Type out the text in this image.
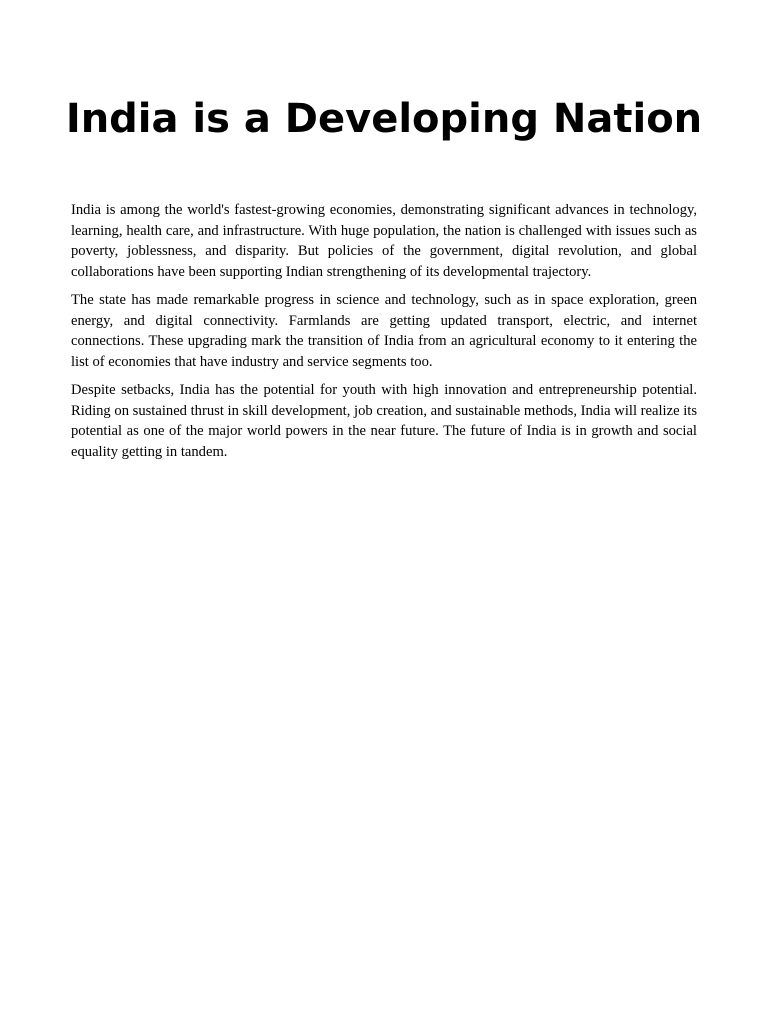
India is a Developing Nation

India is among the world's fastest-growing economies, demonstrating significant advances in technology, learning, health care, and infrastructure. With huge population, the nation is challenged with issues such as poverty, joblessness, and disparity. But policies of the government, digital revolution, and global collaborations have been supporting Indian strengthening of its developmental trajectory.

The state has made remarkable progress in science and technology, such as in space exploration, green energy, and digital connectivity. Farmlands are getting updated transport, electric, and internet connections. These upgrading mark the transition of India from an agricultural economy to it entering the list of economies that have industry and service segments too.

Despite setbacks, India has the potential for youth with high innovation and entrepreneurship potential. Riding on sustained thrust in skill development, job creation, and sustainable methods, India will realize its potential as one of the major world powers in the near future. The future of India is in growth and social equality getting in tandem.
